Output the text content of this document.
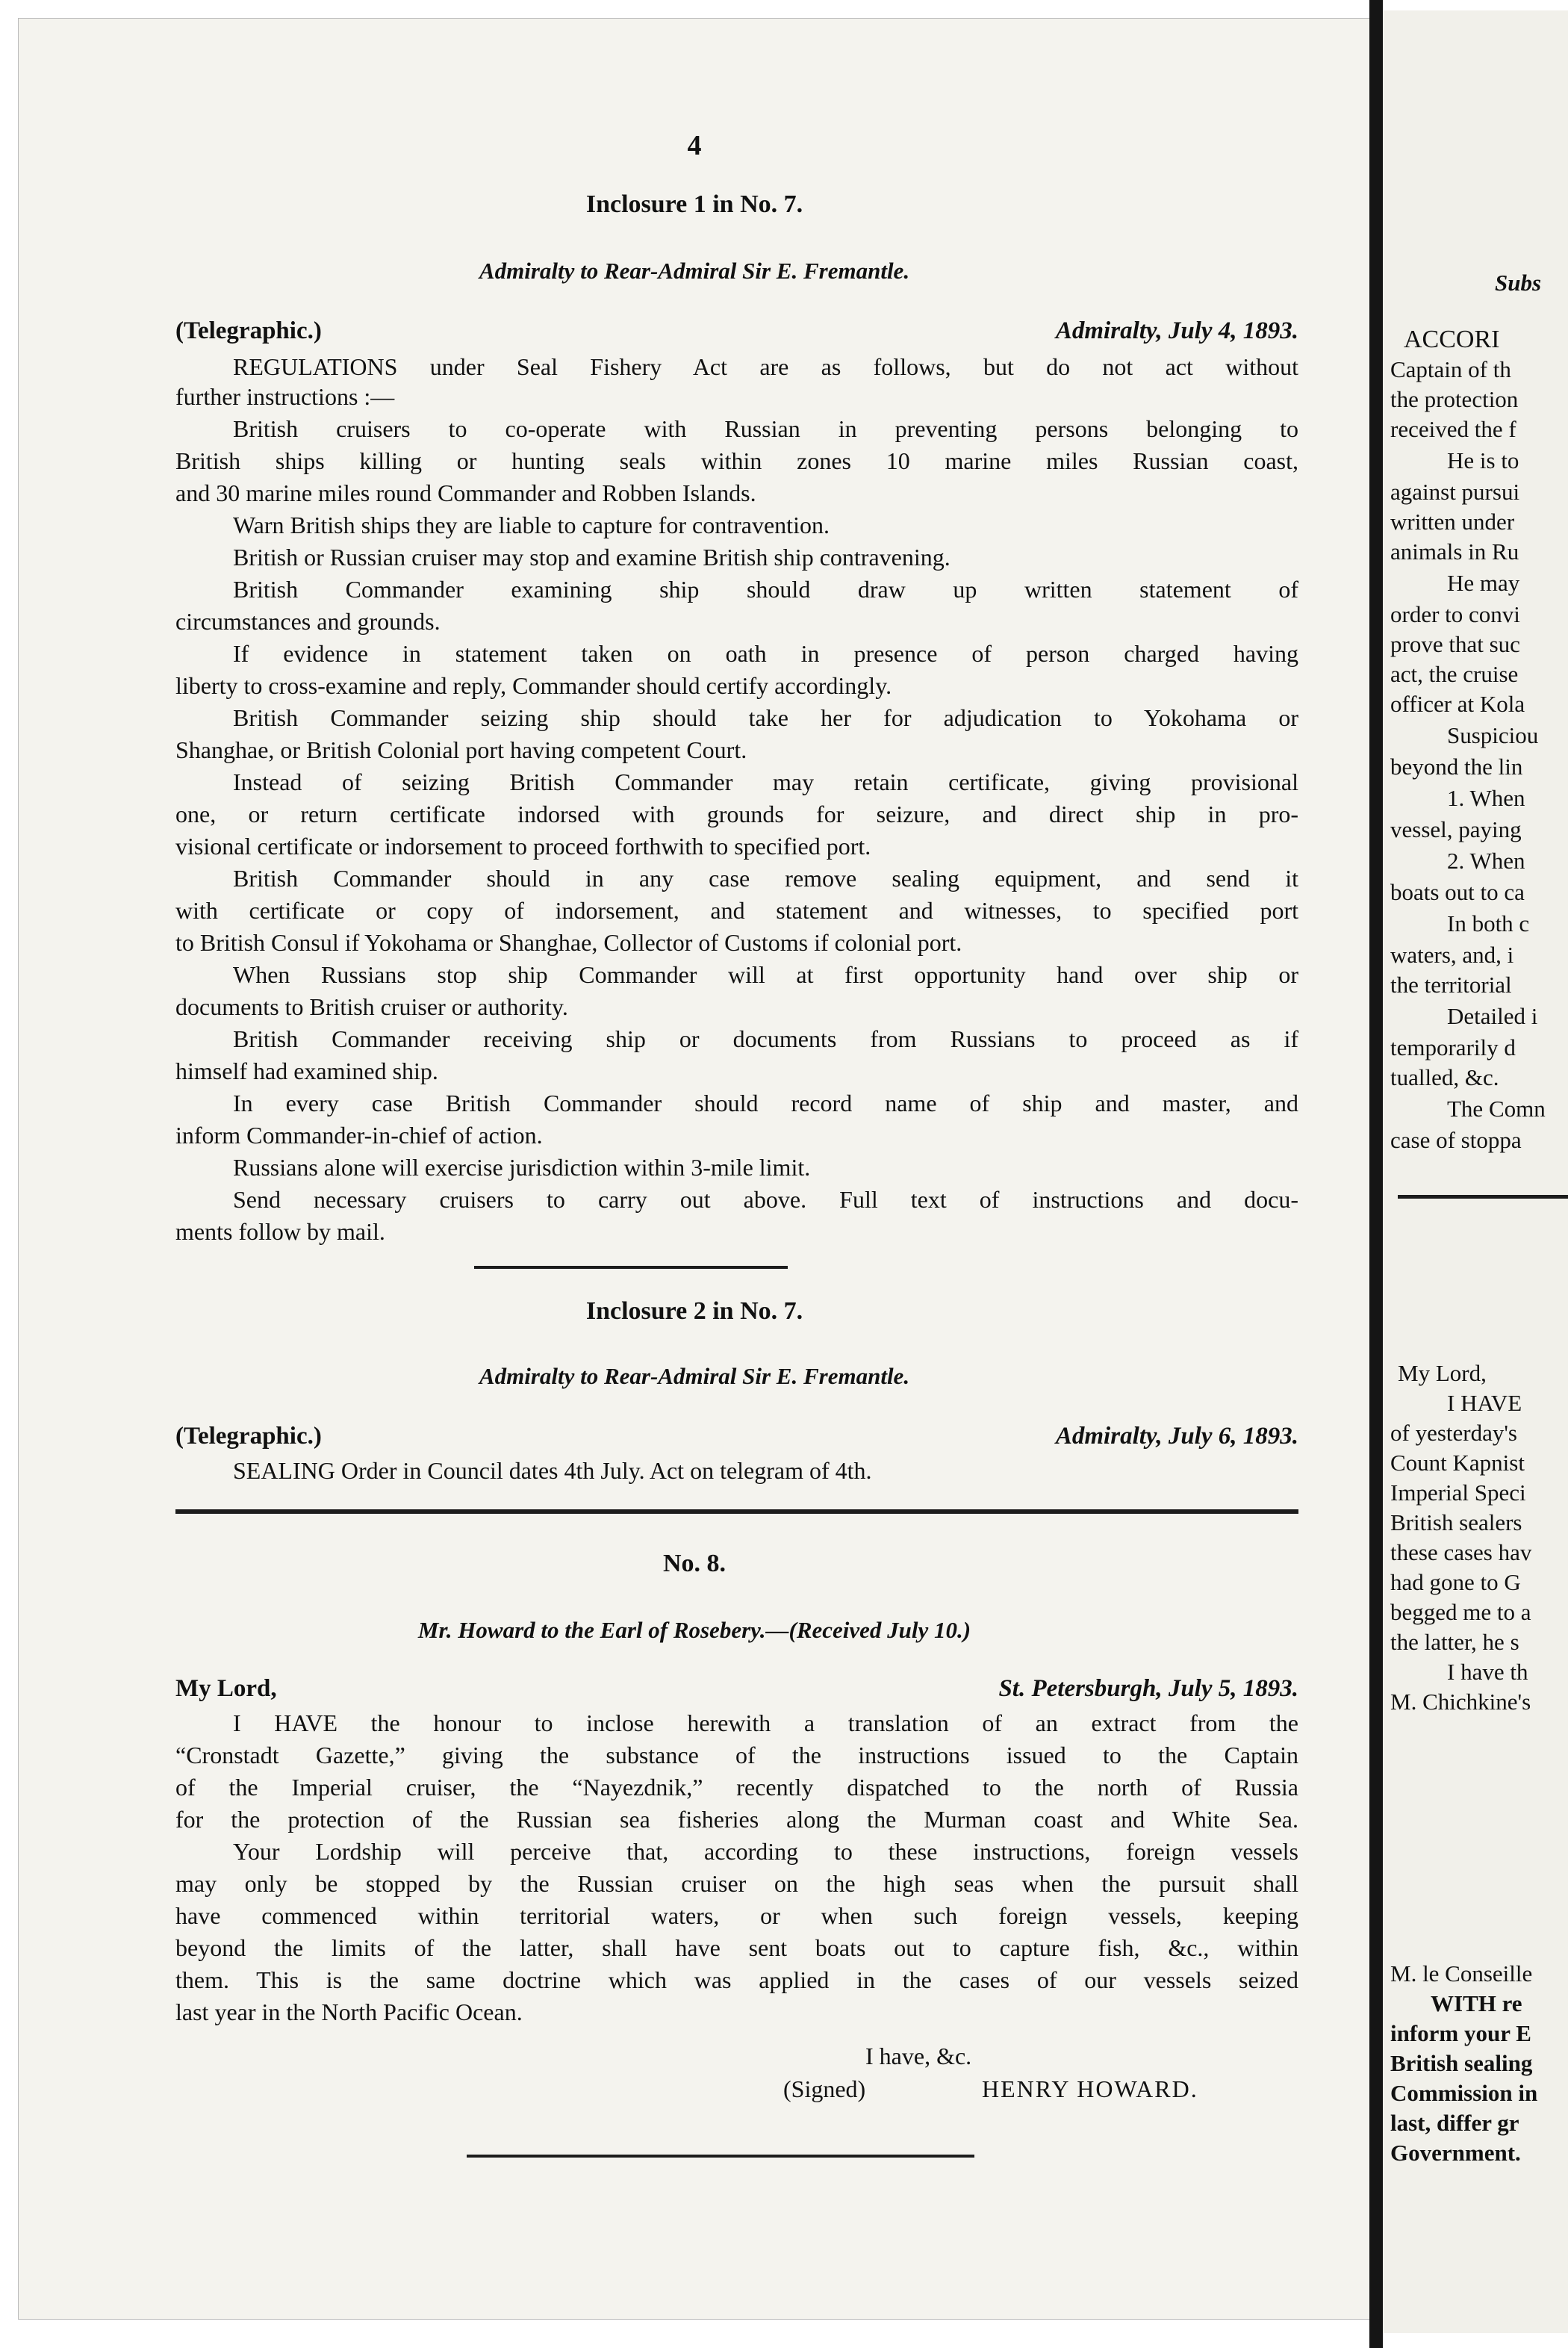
4
Inclosure 1 in No. 7.
Admiralty to Rear-Admiral Sir E. Fremantle.
(Telegraphic.)	Admiralty, July 4, 1893.

REGULATIONS under Seal Fishery Act are as follows, but do not act without

further instructions :—

British cruisers to co-operate with Russian in preventing persons belonging to

British ships killing or hunting seals within zones 10 marine miles Russian coast,

and 30 marine miles round Commander and Robben Islands.

Warn British ships they are liable to capture for contravention.

British or Russian cruiser may stop and examine British ship contravening.

British Commander examining ship should draw up written statement of

circumstances and grounds.

If evidence in statement taken on oath in presence of person charged having

liberty to cross-examine and reply, Commander should certify accordingly.

British Commander seizing ship should take her for adjudication to Yokohama or

Shanghae, or British Colonial port having competent Court.

Instead of seizing British Commander may retain certificate, giving provisional

one, or return certificate indorsed with grounds for seizure, and direct ship in pro-

visional certificate or indorsement to proceed forthwith to specified port.

British Commander should in any case remove sealing equipment, and send it

with certificate or copy of indorsement, and statement and witnesses, to specified port

to British Consul if Yokohama or Shanghae, Collector of Customs if colonial port.

When Russians stop ship Commander will at first opportunity hand over ship or

documents to British cruiser or authority.

British Commander receiving ship or documents from Russians to proceed as if

himself had examined ship.

In every case British Commander should record name of ship and master, and

inform Commander-in-chief of action.

Russians alone will exercise jurisdiction within 3-mile limit.

Send necessary cruisers to carry out above. Full text of instructions and docu-

ments follow by mail.

Inclosure 2 in No. 7.
Admiralty to Rear-Admiral Sir E. Fremantle.
(Telegraphic.)	Admiralty, July 6, 1893.

SEALING Order in Council dates 4th July. Act on telegram of 4th.

No. 8.
Mr. Howard to the Earl of Rosebery.—(Received July 10.)
My Lord,	St. Petersburgh, July 5, 1893.

I HAVE the honour to inclose herewith a translation of an extract from the

“Cronstadt Gazette,” giving the substance of the instructions issued to the Captain

of the Imperial cruiser, the “Nayezdnik,” recently dispatched to the north of Russia

for the protection of the Russian sea fisheries along the Murman coast and White Sea.

Your Lordship will perceive that, according to these instructions, foreign vessels

may only be stopped by the Russian cruiser on the high seas when the pursuit shall

have commenced within territorial waters, or when such foreign vessels, keeping

beyond the limits of the latter, shall have sent boats out to capture fish, &c., within

them. This is the same doctrine which was applied in the cases of our vessels seized

last year in the North Pacific Ocean.

I have, &c.
(Signed)	HENRY HOWARD.

Subs

ACCORI

Captain of th

the protection

received the f

He is to

against pursui

written under

animals in Ru

He may

order to convi

prove that suc

act, the cruise

officer at Kola

Suspiciou

beyond the lin

1. When

vessel, paying

2. When

boats out to ca

In both c

waters, and, i

the territorial

Detailed i

temporarily d

tualled, &c.

The Comn

case of stoppa

My Lord,

I HAVE

of yesterday's

Count Kapnist

Imperial Speci

British sealers

these cases hav

had gone to G

begged me to a

the latter, he s

I have th

M. Chichkine's

M. le Conseille

WITH re

inform your E

British sealing

Commission in

last, differ gr

Government.
